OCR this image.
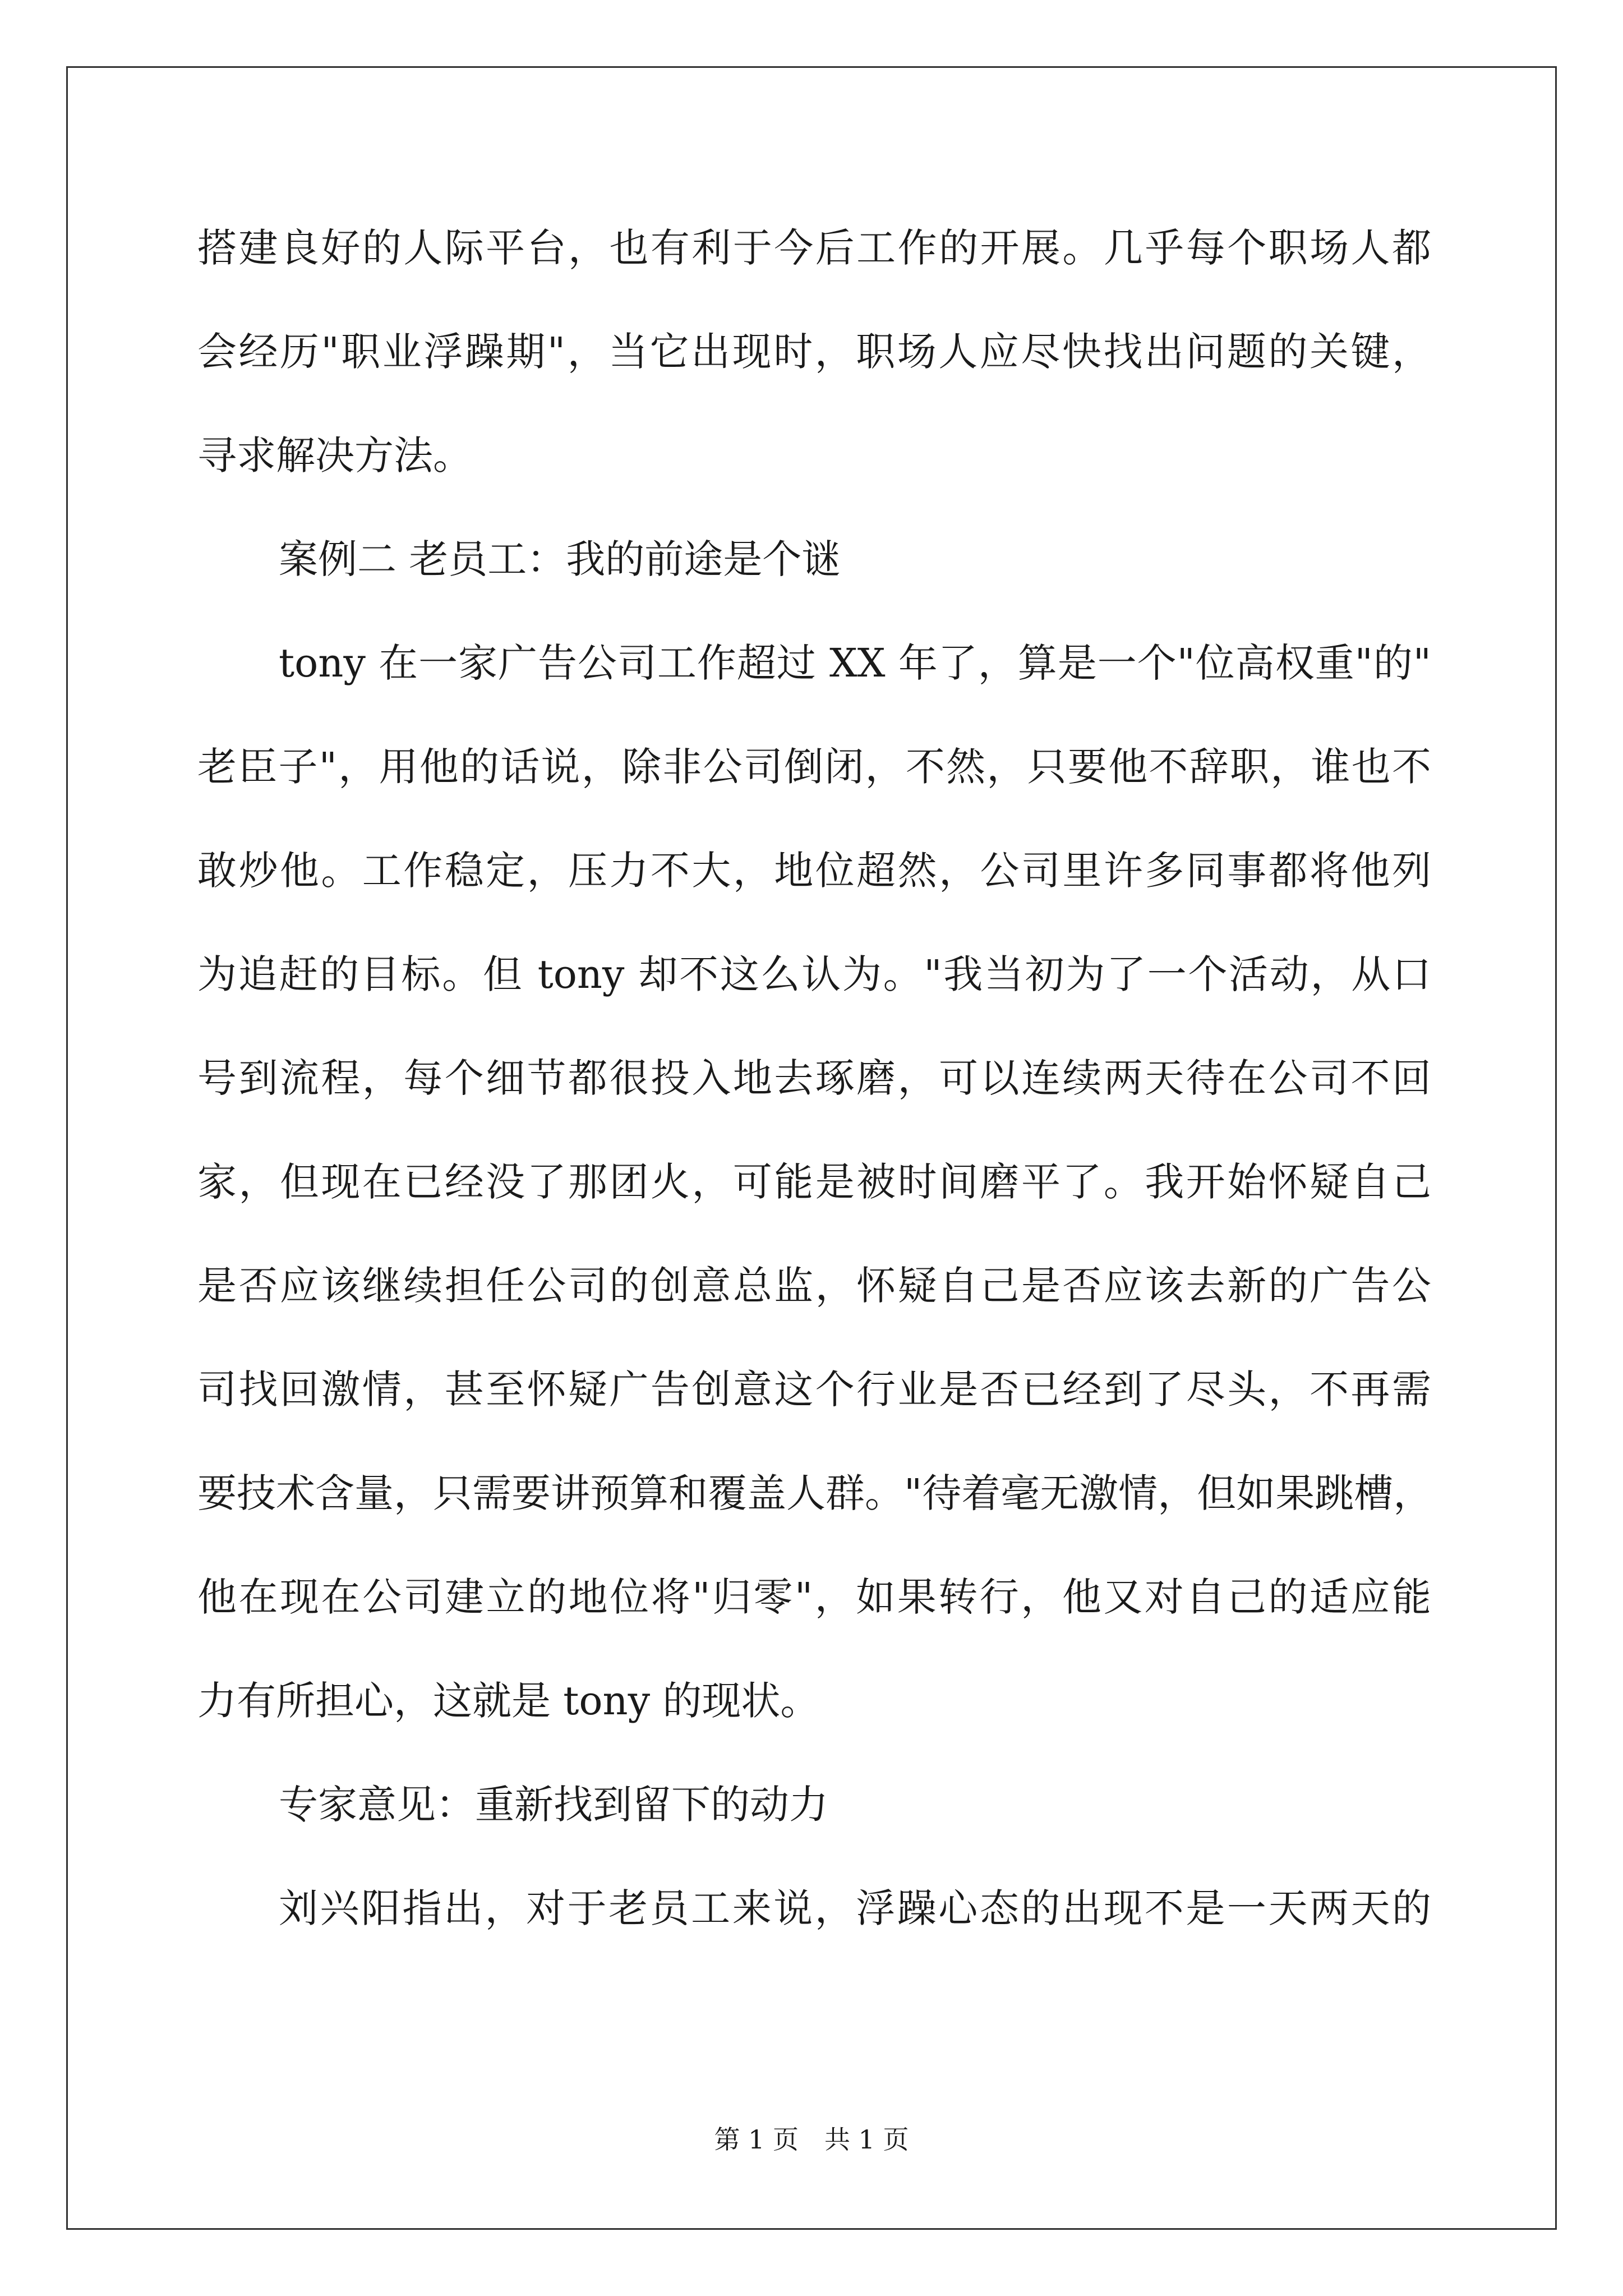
搭建良好的人际平台，也有利于今后工作的开展。几乎每个职场人都
会经历"职业浮躁期"，当它出现时，职场人应尽快找出问题的关键，
寻求解决方法。
案例二 老员工：我的前途是个谜
tony 在一家广告公司工作超过 XX 年了，算是一个"位高权重"的"
老臣子"，用他的话说，除非公司倒闭，不然，只要他不辞职，谁也不
敢炒他。工作稳定，压力不大，地位超然，公司里许多同事都将他列
为追赶的目标。但 tony 却不这么认为。"我当初为了一个活动，从口
号到流程，每个细节都很投入地去琢磨，可以连续两天待在公司不回
家，但现在已经没了那团火，可能是被时间磨平了。我开始怀疑自己
是否应该继续担任公司的创意总监，怀疑自己是否应该去新的广告公
司找回激情，甚至怀疑广告创意这个行业是否已经到了尽头，不再需
要技术含量，只需要讲预算和覆盖人群。"待着毫无激情，但如果跳槽，
他在现在公司建立的地位将"归零"，如果转行，他又对自己的适应能
力有所担心，这就是 tony 的现状。
专家意见：重新找到留下的动力
刘兴阳指出，对于老员工来说，浮躁心态的出现不是一天两天的
第 1 页 共 1 页
